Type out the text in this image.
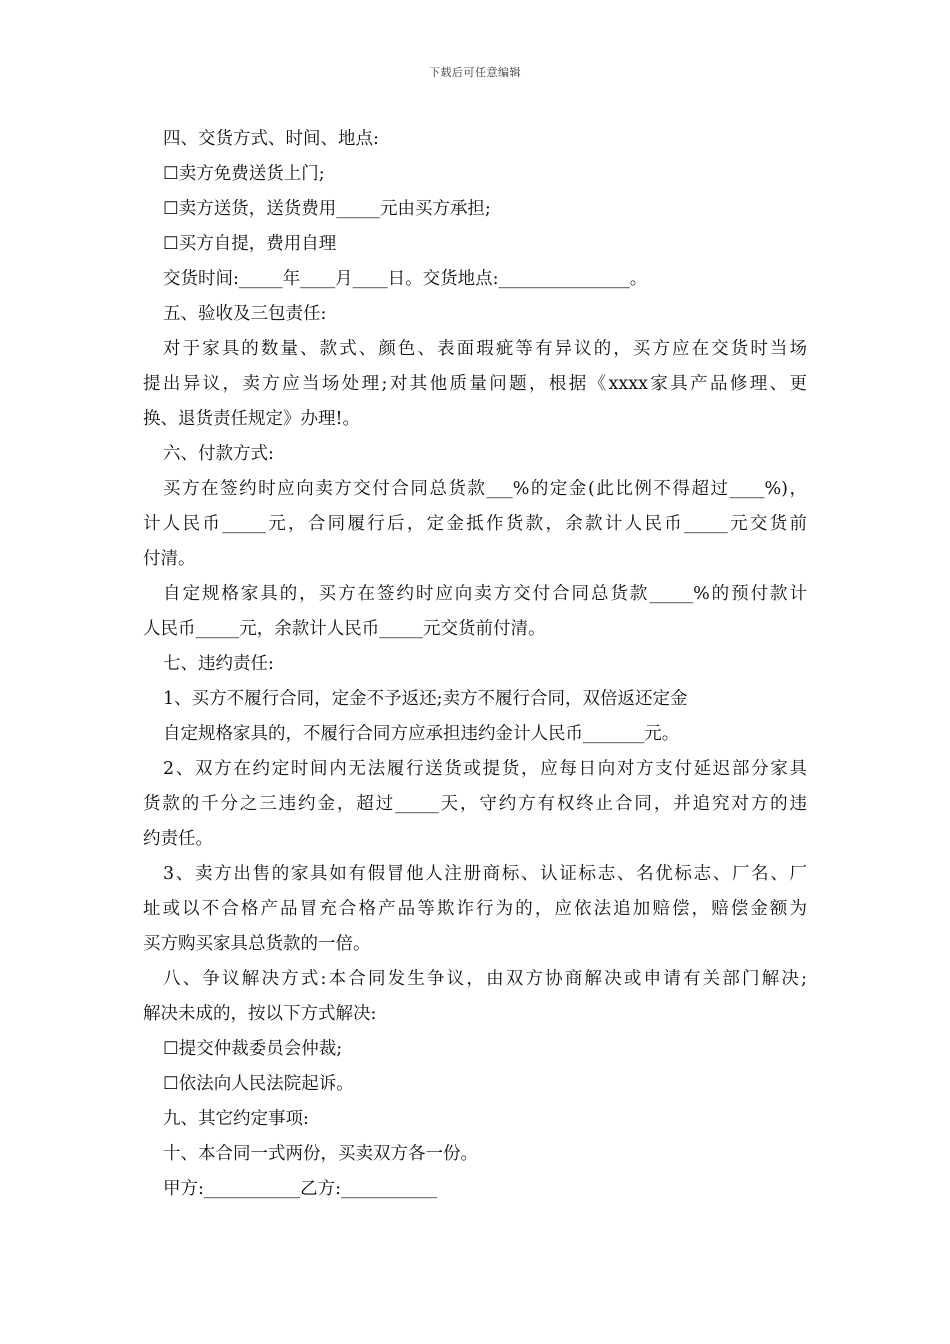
下载后可任意编辑

四、交货方式、时间、地点:

☐卖方免费送货上门;

☐卖方送货，送货费用_____元由买方承担;

☐买方自提，费用自理

交货时间:_____年____月____日。交货地点:_______________。

五、验收及三包责任:

对于家具的数量、款式、颜色、表面瑕疵等有异议的，买方应在交货时当场

提出异议，卖方应当场处理;对其他质量问题，根据《xxxx家具产品修理、更

换、退货责任规定》办理!。

六、付款方式:

买方在签约时应向卖方交付合同总货款___%的定金(此比例不得超过____%)，

计人民币_____元，合同履行后，定金抵作货款，余款计人民币_____元交货前

付清。

自定规格家具的，买方在签约时应向卖方交付合同总货款_____%的预付款计

人民币_____元，余款计人民币_____元交货前付清。

七、违约责任:

1、买方不履行合同，定金不予返还;卖方不履行合同，双倍返还定金

自定规格家具的，不履行合同方应承担违约金计人民币_______元。

2、双方在约定时间内无法履行送货或提货，应每日向对方支付延迟部分家具

货款的千分之三违约金，超过_____天，守约方有权终止合同，并追究对方的违

约责任。

3、卖方出售的家具如有假冒他人注册商标、认证标志、名优标志、厂名、厂

址或以不合格产品冒充合格产品等欺诈行为的，应依法追加赔偿，赔偿金额为

买方购买家具总货款的一倍。

八、争议解决方式:本合同发生争议，由双方协商解决或申请有关部门解决;

解决未成的，按以下方式解决:

☐提交仲裁委员会仲裁;

☐依法向人民法院起诉。

九、其它约定事项:

十、本合同一式两份，买卖双方各一份。

甲方:___________乙方:___________
